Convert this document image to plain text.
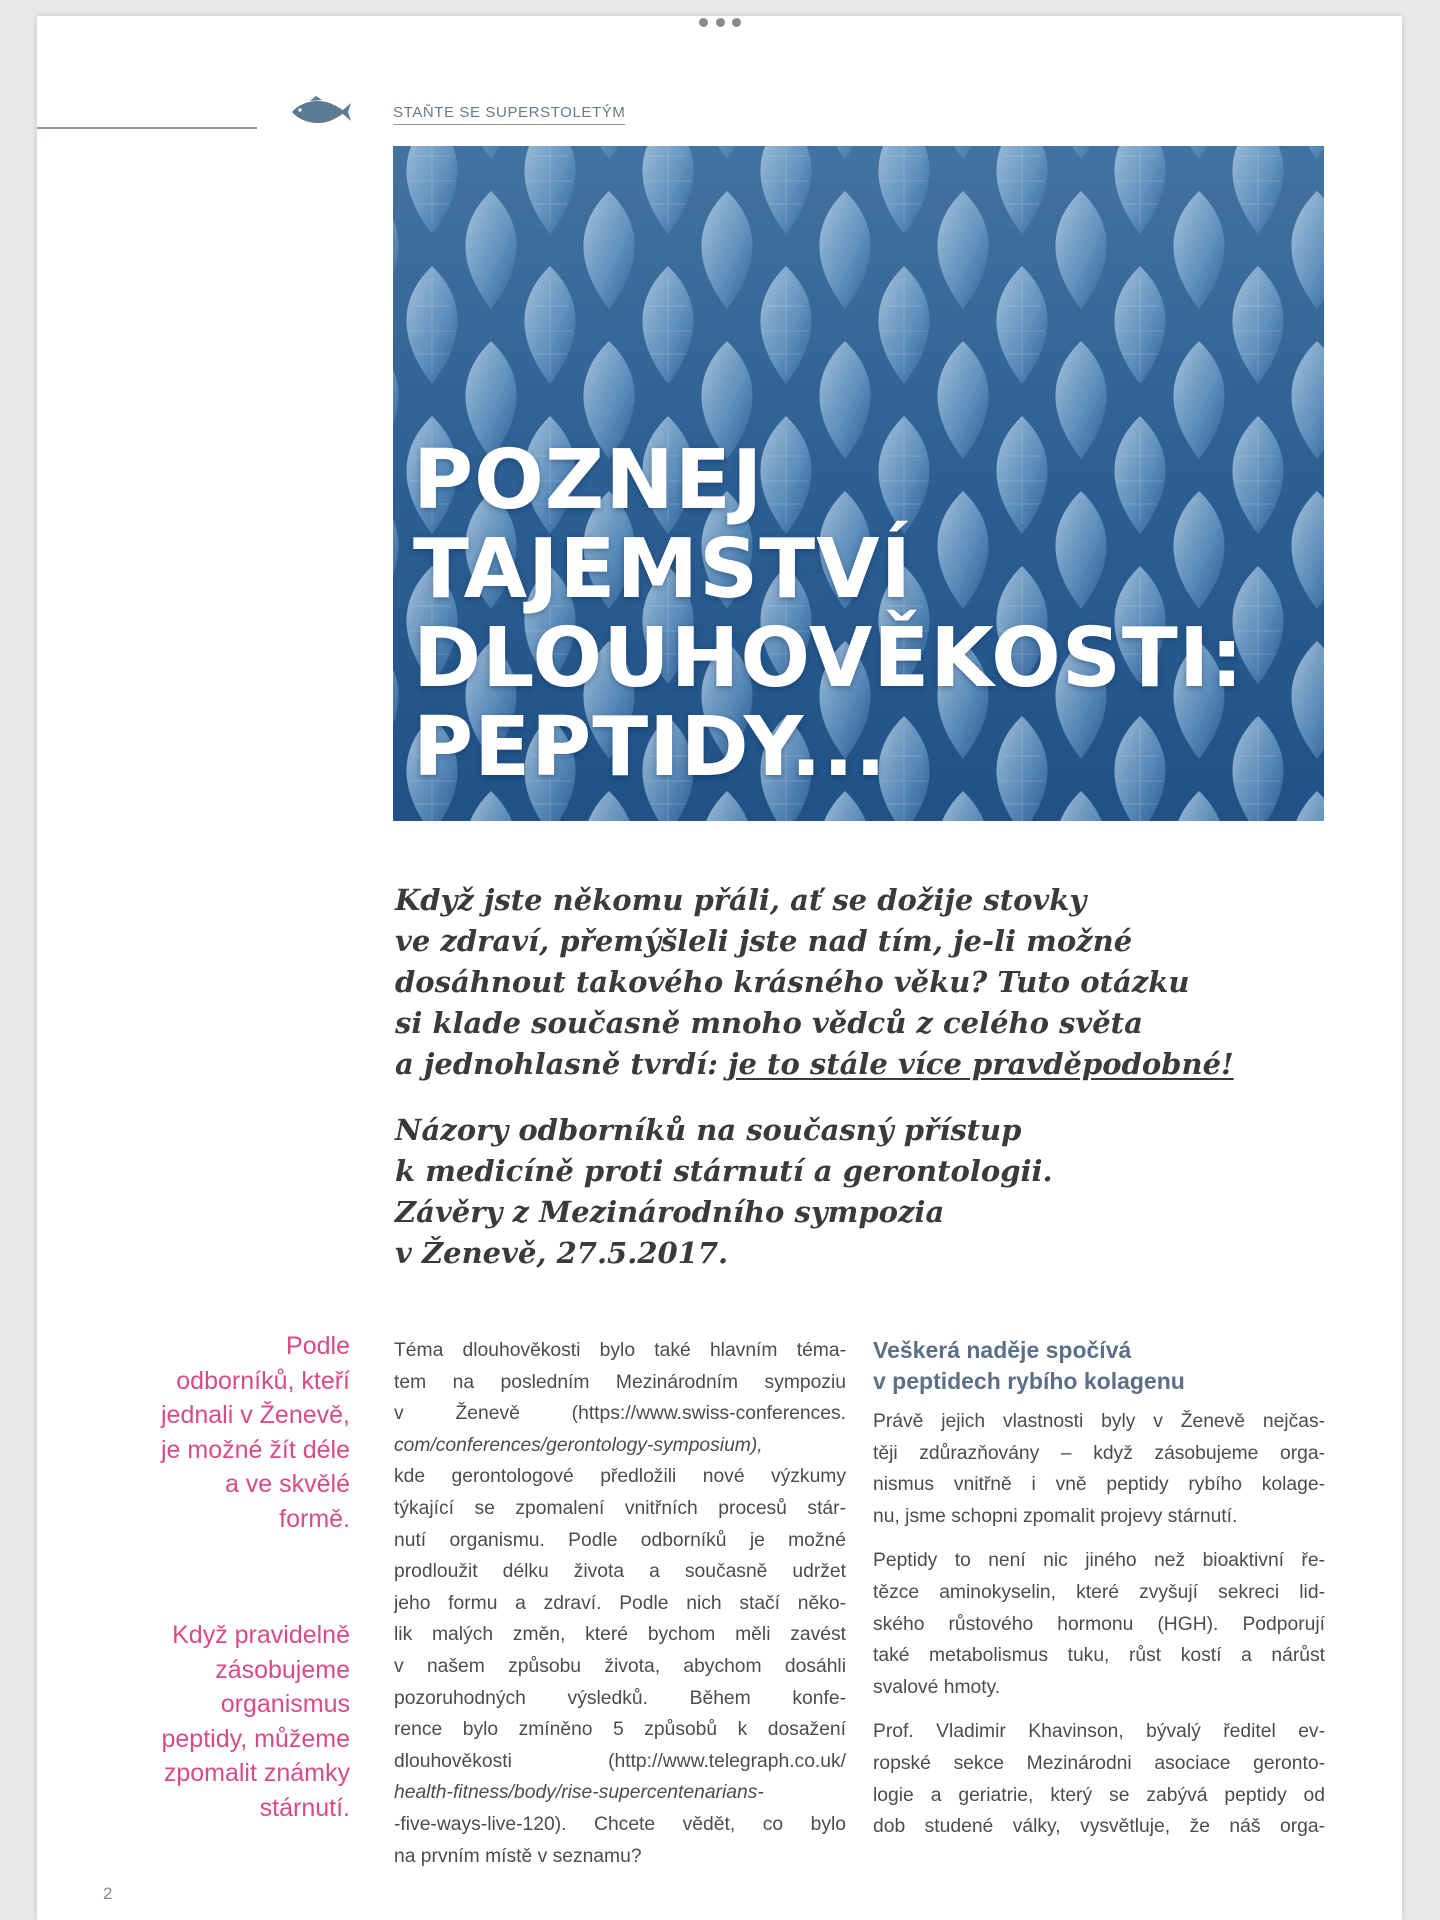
STAŇTE SE SUPERSTOLETÝM
POZNEJ
TAJEMSTVÍ
DLOUHOVĚKOSTI:
PEPTIDY...
Když jste někomu přáli, ať se dožije stovky
ve zdraví, přemýšleli jste nad tím, je-li možné
dosáhnout takového krásného věku? Tuto otázku
si klade současně mnoho vědců z celého světa
a jednohlasně tvrdí: je to stále více pravděpodobné!
Názory odborníků na současný přístup
k medicíně proti stárnutí a gerontologii.
Závěry z Mezinárodního sympozia
v Ženevě, 27.5.2017.
Podle
odborníků, kteří
jednali v Ženevě,
je možné žít déle
a ve skvělé
formě.
Když pravidelně
zásobujeme
organismus
peptidy, můžeme
zpomalit známky
stárnutí.
Téma dlouhověkosti bylo také hlavním téma-
tem na posledním Mezinárodním sympoziu
v Ženevě (https://www.swiss-conferences.
com/conferences/gerontology-symposium),
kde gerontologové předložili nové výzkumy
týkající se zpomalení vnitřních procesů stár-
nutí organismu. Podle odborníků je možné
prodloužit délku života a současně udržet
jeho formu a zdraví. Podle nich stačí něko-
lik malých změn, které bychom měli zavést
v našem způsobu života, abychom dosáhli
pozoruhodných výsledků. Během konfe-
rence bylo zmíněno 5 způsobů k dosažení
dlouhověkosti (http://www.telegraph.co.uk/
health-fitness/body/rise-supercentenarians-
-five-ways-live-120). Chcete vědět, co bylo
na prvním místě v seznamu?
Veškerá naděje spočívá
v peptidech rybího kolagenu
Právě jejich vlastnosti byly v Ženevě nejčas-
těji zdůrazňovány – když zásobujeme orga-
nismus vnitřně i vně peptidy rybího kolage-
nu, jsme schopni zpomalit projevy stárnutí.
Peptidy to není nic jiného než bioaktivní ře-
tězce aminokyselin, které zvyšují sekreci lid-
ského růstového hormonu (HGH). Podporují
také metabolismus tuku, růst kostí a nárůst
svalové hmoty.
Prof. Vladimir Khavinson, bývalý ředitel ev-
ropské sekce Mezinárodni asociace geronto-
logie a geriatrie, který se zabývá peptidy od
dob studené války, vysvětluje, že náš orga-
2
